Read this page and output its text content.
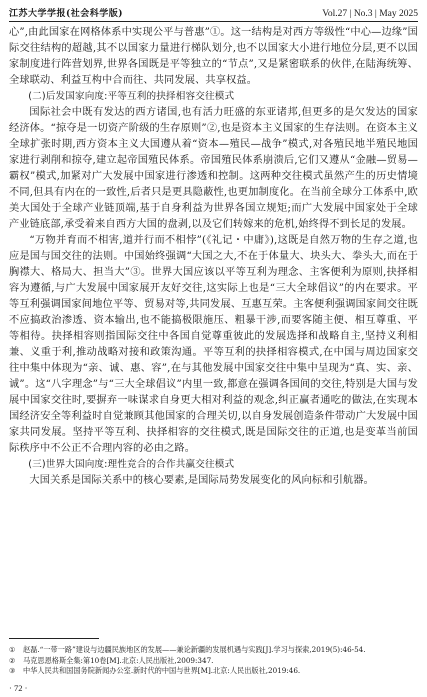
江苏大学学报(社会科学版)	Vol.27 | No.3 | May 2025

心”,由此国家在网格体系中实现公平与普惠”①。这一结构是对西方等级性“中心—边缘”国际交往结构的超越,其不以国家力量进行梯队划分,也不以国家大小进行地位分层,更不以国家制度进行阵营划界,世界各国既是平等独立的“节点”,又是紧密联系的伙伴,在陆海统筹、全球联动、利益互构中合而往、共同发展、共享权益。

(二)后发国家向度:平等互利的抉择相容交往模式

国际社会中既有发达的西方诸国,也有活力旺盛的东亚诸邦,但更多的是欠发达的国家经济体。“掠夺是一切资产阶级的生存原则”②,也是资本主义国家的生存法则。在资本主义全球扩张时期,西方资本主义大国遵从着“资本—殖民—战争”模式,对各殖民地半殖民地国家进行剥削和掠夺,建立起帝国殖民体系。帝国殖民体系崩溃后,它们又遵从“金融—贸易—霸权”模式,加紧对广大发展中国家进行渗透和控制。这两种交往模式虽然产生的历史情境不同,但具有内在的一致性,后者只是更具隐蔽性,也更加制度化。在当前全球分工体系中,欧美大国处于全球产业链顶端,基于自身利益为世界各国立规矩;而广大发展中国家处于全球产业链底部,承受着来自西方大国的盘剥,以及它们转嫁来的危机,始终得不到长足的发展。

“万物并育而不相害,道并行而不相悖”(《礼记・中庸》),这既是自然万物的生存之道,也应是国与国交往的法则。中国始终强调“大国之大,不在于体量大、块头大、拳头大,而在于胸襟大、格局大、担当大”③。世界大国应该以平等互利为理念、主客便利为原则,抉择相容为遵循,与广大发展中国家展开友好交往,这实际上也是“三大全球倡议”的内在要求。平等互利强调国家间地位平等、贸易对等,共同发展、互惠互荣。主客便利强调国家间交往既不应搞政治渗透、资本输出,也不能搞极限施压、粗暴干涉,而要客随主便、相互尊重、平等相待。抉择相容则指国际交往中各国自觉尊重彼此的发展选择和战略自主,坚持义利相兼、义重于利,推动战略对接和政策沟通。平等互利的抉择相容模式,在中国与周边国家交往中集中体现为“亲、诚、惠、容”,在与其他发展中国家交往中集中呈现为“真、实、亲、诚”。这“八字理念”与“三大全球倡议”内里一致,都意在强调各国间的交往,特别是大国与发展中国家交往时,要摒弃一味谋求自身更大相对利益的观念,纠正赢者通吃的做法,在实现本国经济安全等利益时自觉兼顾其他国家的合理关切,以自身发展创造条件带动广大发展中国家共同发展。坚持平等互利、抉择相容的交往模式,既是国际交往的正道,也是变革当前国际秩序中不公正不合理内容的必由之路。

(三)世界大国向度:理性竞合的合作共赢交往模式

大国关系是国际关系中的核心要素,是国际局势发展变化的风向标和引航器。

①	赵磊.“一带一路”建设与边疆民族地区的发展——兼论新疆的发展机遇与实践[J].学习与探索,2019(5):46-54.
②	马克思恩格斯全集:第10卷[M].北京:人民出版社,2009:347.
③	中华人民共和国国务院新闻办公室.新时代的中国与世界[M].北京:人民出版社,2019:46.
· 72 ·
